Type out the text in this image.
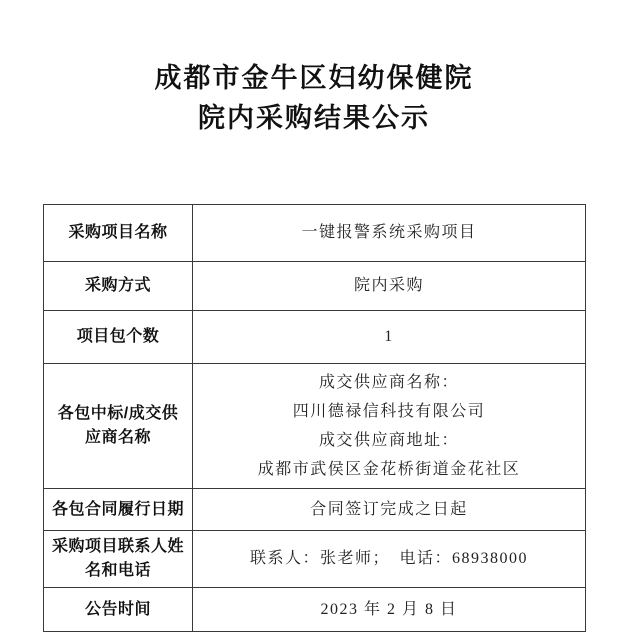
成都市金牛区妇幼保健院
院内采购结果公示
采购项目名称	一键报警系统采购项目
采购方式	院内采购
项目包个数	1
各包中标/成交供应商名称	成交供应商名称：
四川德禄信科技有限公司
成交供应商地址：
成都市武侯区金花桥街道金花社区

各包合同履行日期	合同签订完成之日起
采购项目联系人姓名和电话	联系人：张老师；　电话：68938000
公告时间	2023 年 2 月 8 日
